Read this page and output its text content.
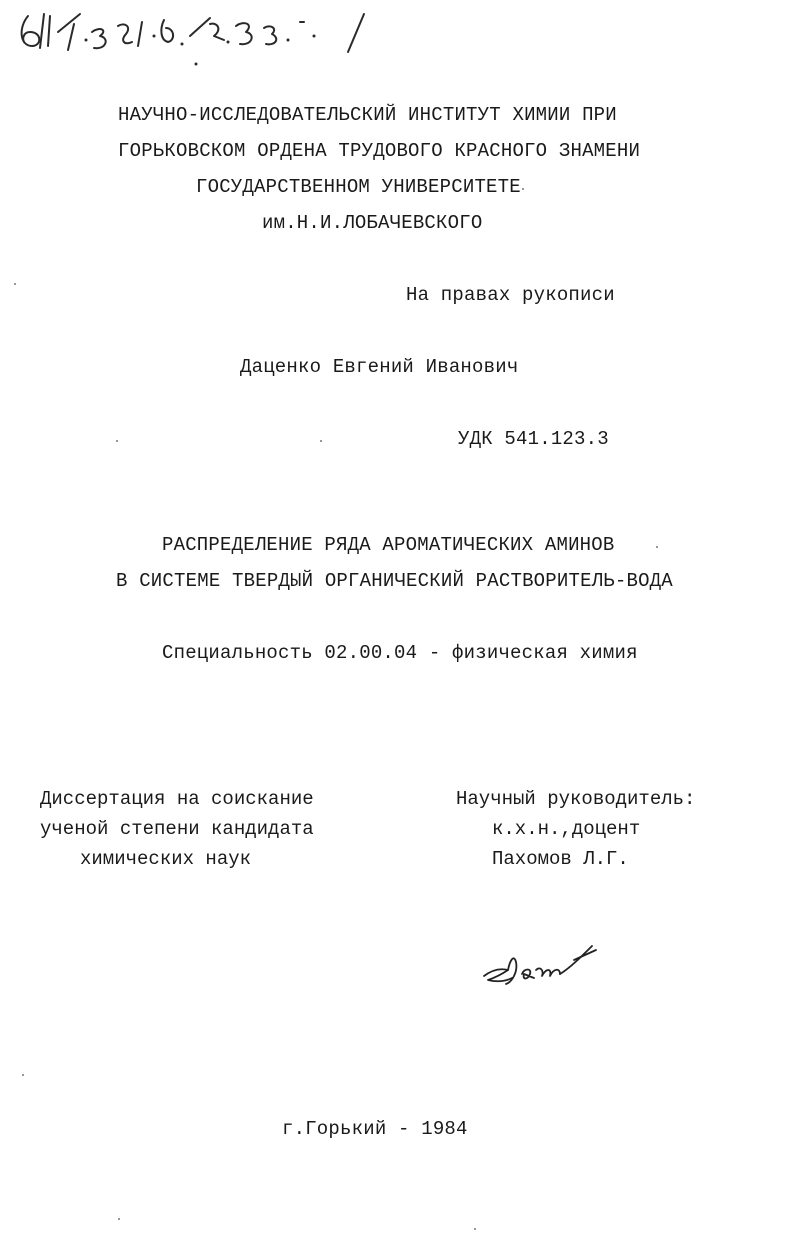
НАУЧНО-ИССЛЕДОВАТЕЛЬСКИЙ ИНСТИТУТ ХИМИИ ПРИ
ГОРЬКОВСКОМ ОРДЕНА ТРУДОВОГО КРАСНОГО ЗНАМЕНИ
ГОСУДАРСТВЕННОМ УНИВЕРСИТЕТЕ
им.Н.И.ЛОБАЧЕВСКОГО
На правах рукописи
Даценко Евгений Иванович
УДК 541.123.3
РАСПРЕДЕЛЕНИЕ РЯДА АРОМАТИЧЕСКИХ АМИНОВ
В СИСТЕМЕ ТВЕРДЫЙ ОРГАНИЧЕСКИЙ РАСТВОРИТЕЛЬ-ВОДА
Специальность 02.00.04 - физическая химия
Диссертация на соискание
ученой степени кандидата
химических наук
Научный руководитель:
к.х.н.,доцент
Пахомов Л.Г.
г.Горький - 1984
